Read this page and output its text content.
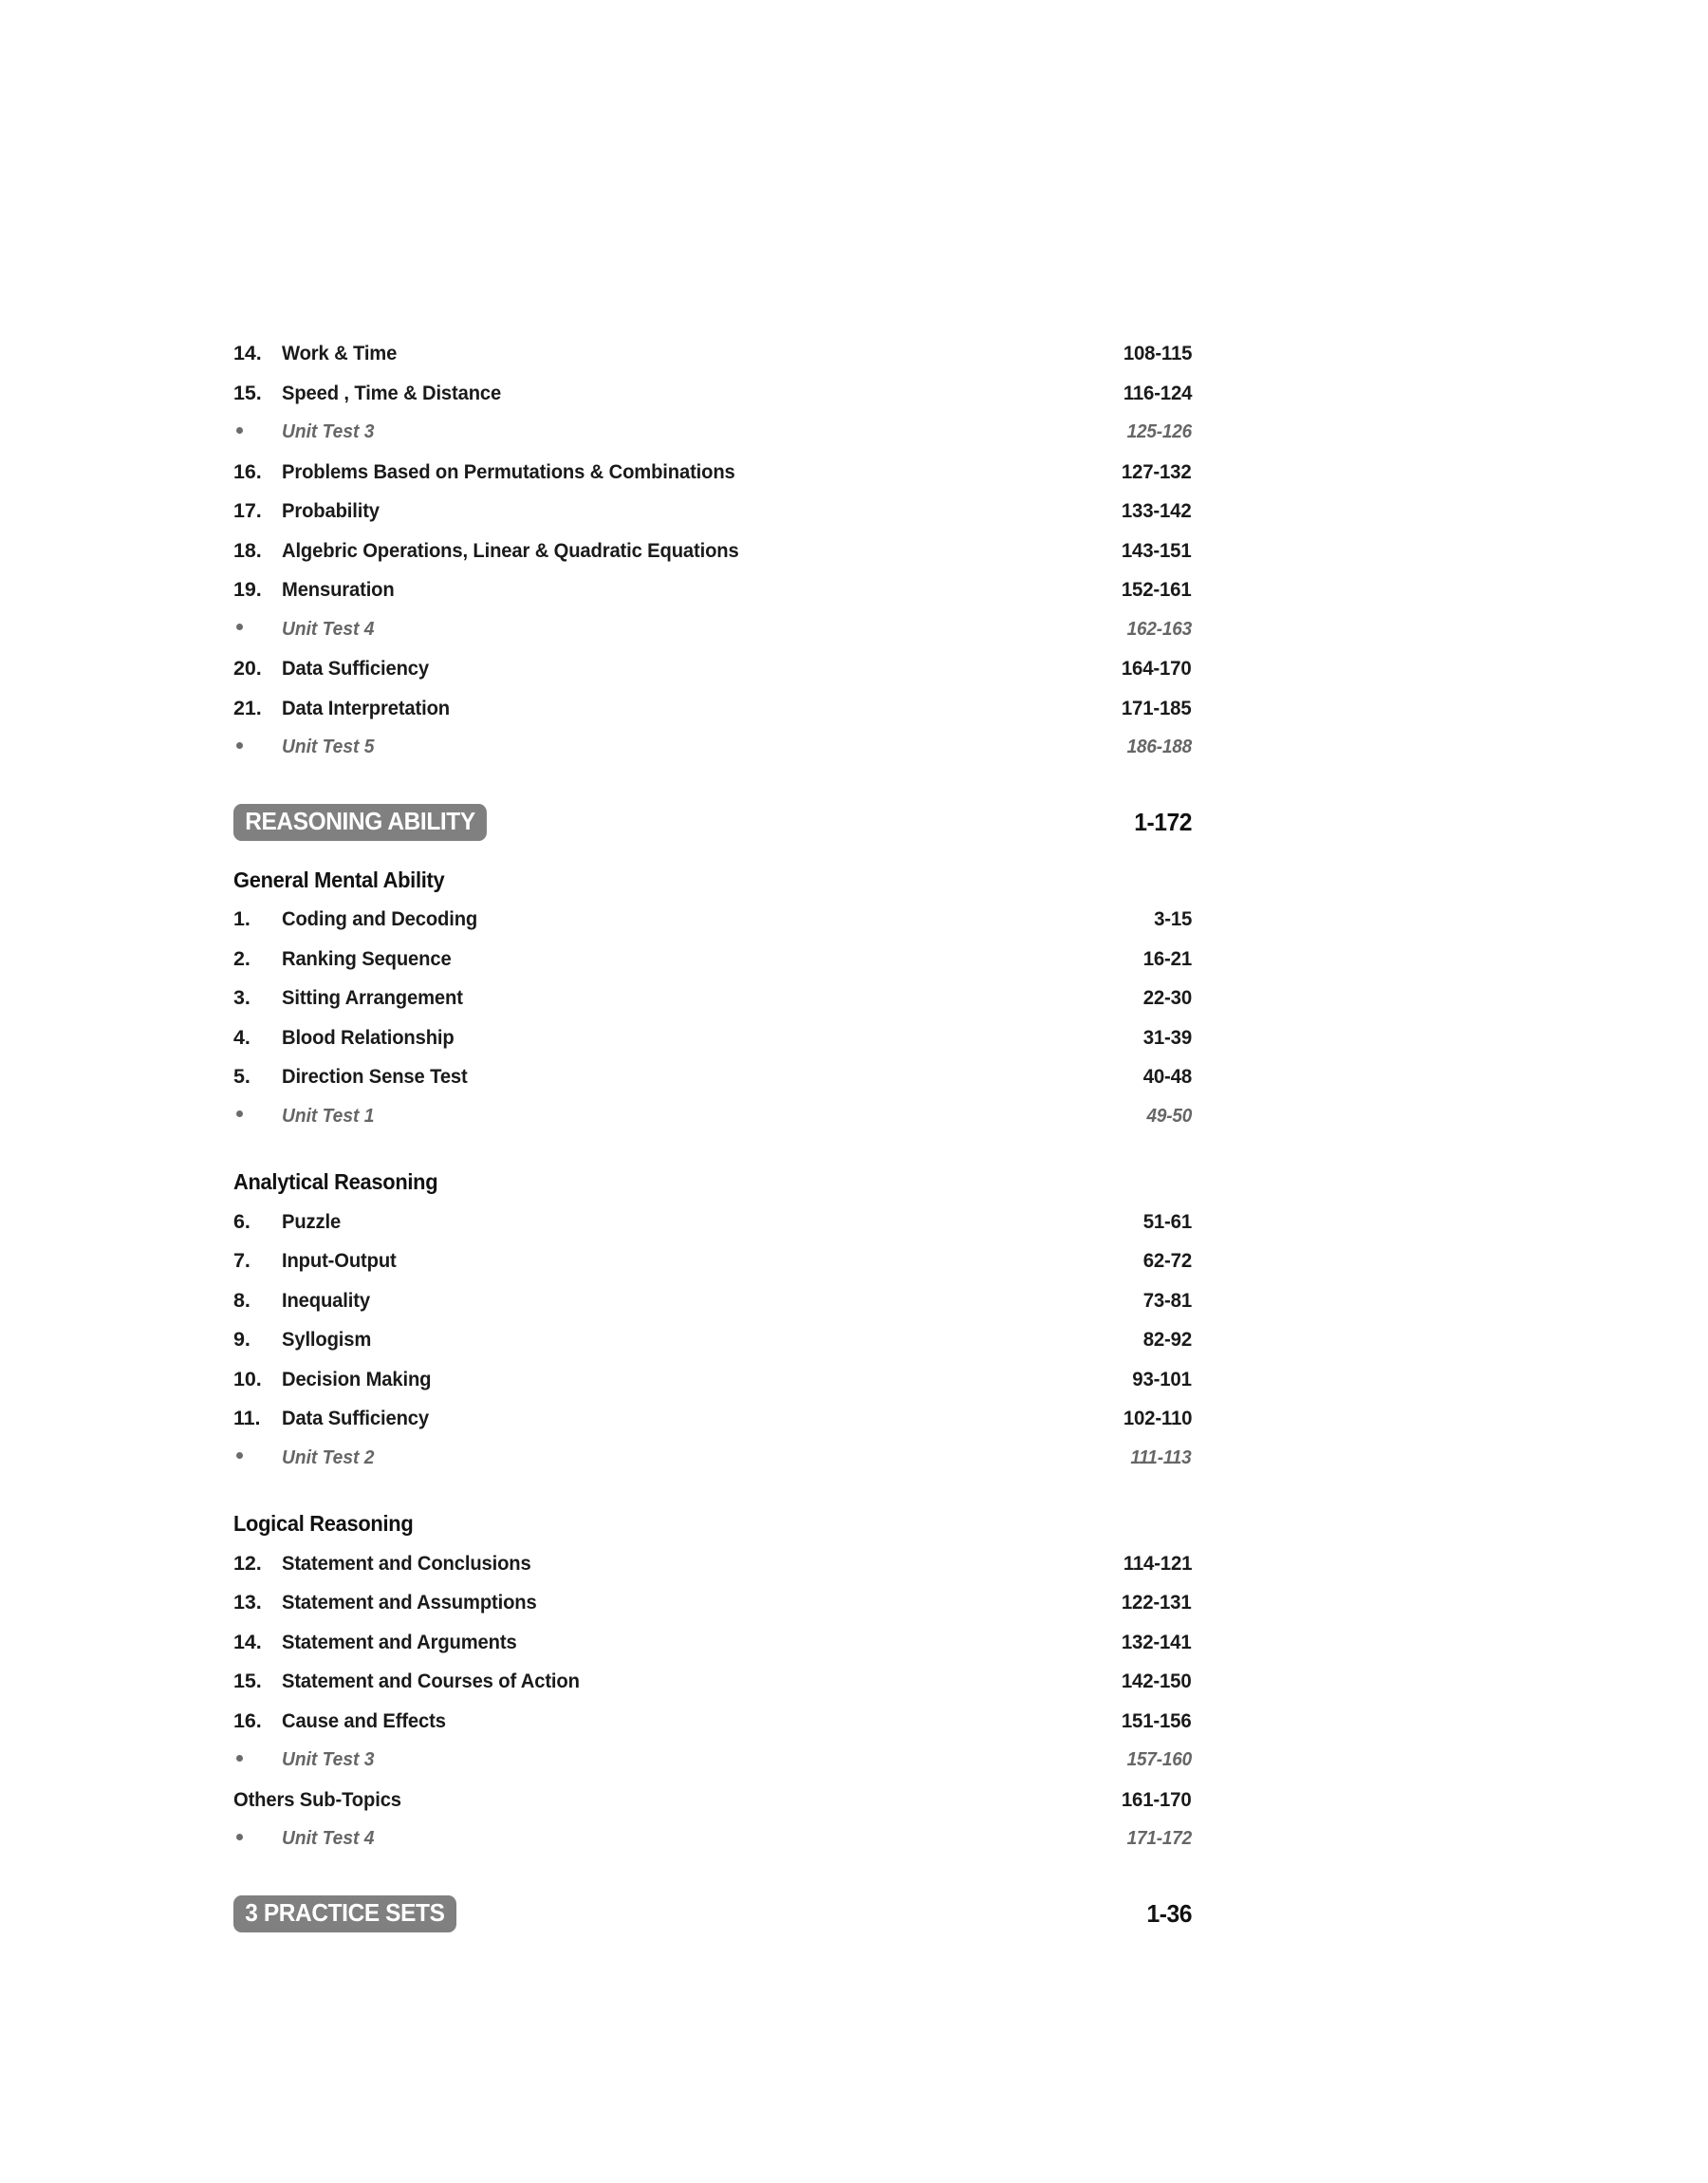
14. Work & Time	108-115
15. Speed , Time & Distance	116-124
Unit Test 3	125-126
16. Problems Based on Permutations & Combinations	127-132
17. Probability	133-142
18. Algebric Operations, Linear & Quadratic Equations	143-151
19. Mensuration	152-161
Unit Test 4	162-163
20. Data Sufficiency	164-170
21. Data Interpretation	171-185
Unit Test 5	186-188
REASONING ABILITY	1-172
General Mental Ability
1.	Coding and Decoding	3-15
2.	Ranking Sequence	16-21
3.	Sitting Arrangement	22-30
4.	Blood Relationship	31-39
5.	Direction Sense Test	40-48
Unit Test 1	49-50
Analytical Reasoning
6.	Puzzle	51-61
7.	Input-Output	62-72
8.	Inequality	73-81
9.	Syllogism	82-92
10. Decision Making	93-101
11.	Data Sufficiency	102-110
Unit Test 2	111-113
Logical Reasoning
12. Statement and Conclusions	114-121
13. Statement and Assumptions	122-131
14. Statement and Arguments	132-141
15. Statement and Courses of Action	142-150
16. Cause and Effects	151-156
Unit Test 3	157-160
Others Sub-Topics	161-170
Unit Test 4	171-172
3 PRACTICE SETS	1-36
